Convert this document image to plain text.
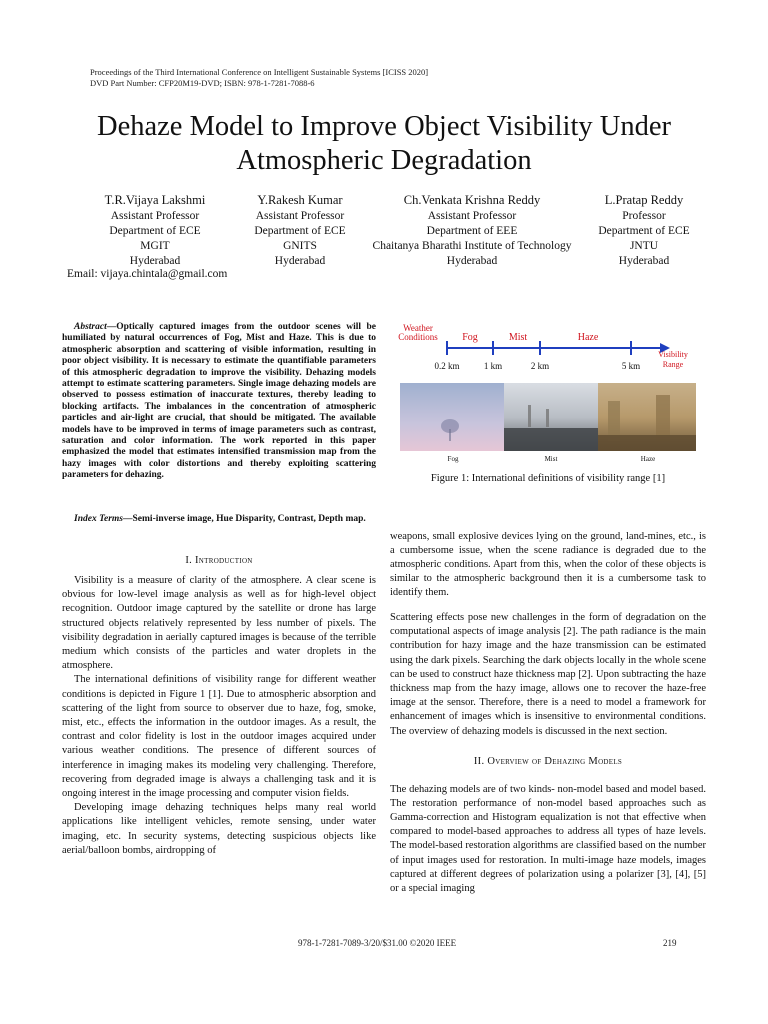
Proceedings of the Third International Conference on Intelligent Sustainable Systems [ICISS 2020]
DVD Part Number: CFP20M19-DVD; ISBN: 978-1-7281-7088-6
Dehaze Model to Improve Object Visibility Under
Atmospheric Degradation
T.R.Vijaya Lakshmi
Assistant Professor
Department of ECE
MGIT
Hyderabad
Y.Rakesh Kumar
Assistant Professor
Department of ECE
GNITS
Hyderabad
Ch.Venkata Krishna Reddy
Assistant Professor
Department of EEE
Chaitanya Bharathi Institute of Technology
Hyderabad
L.Pratap Reddy
Professor
Department of ECE
JNTU
Hyderabad
Email: vijaya.chintala@gmail.com
Abstract—Optically captured images from the outdoor scenes will be humiliated by natural occurrences of Fog, Mist and Haze. This is due to atmospheric absorption and scattering of visible information, resulting in poor object visibility. It is necessary to estimate the quantifiable parameters of this atmospheric degradation to improve the visibility. Dehazing models attempt to estimate scattering parameters. Single image dehazing models are observed to possess estimation of inaccurate textures, thereby leading to blocking artifacts. The imbalances in the concentration of atmospheric particles and air-light are crucial, that should be mitigated. The available models have to be improved in terms of image parameters such as contrast, saturation and color information. The work reported in this paper emphasized the model that estimates intensified transmission map from the hazy images with color distortions and thereby exploiting scattering parameters for dehazing.
Index Terms—Semi-inverse image, Hue Disparity, Contrast, Depth map.
I. Introduction

Visibility is a measure of clarity of the atmosphere. A clear scene is obvious for low-level image analysis as well as for high-level object recognition. Outdoor image captured by the satellite or drone has large structured objects relatively represented by less number of pixels. The visibility degradation in aerially captured images is because of the terrible medium which consists of the particles and water droplets in the atmosphere.

The international definitions of visibility range for different weather conditions is depicted in Figure 1 [1]. Due to atmospheric absorption and scattering of the light from source to observer due to haze, fog, smoke, mist, etc., effects the information in the outdoor images. As a result, the contrast and color fidelity is lost in the outdoor images acquired under various weather conditions. The presence of different sources of interference in imaging makes its modeling very challenging. Therefore, recovering from degraded image is always a challenging task and it is ongoing interest in the image processing and computer vision fields.

Developing image dehazing techniques helps many real world applications like intelligent vehicles, remote sensing, under water imaging, etc. In security systems, detecting suspicious objects like aerial/balloon bombs, airdropping of

Weather
Conditions Fog	Mist	Haze
Visibility
Range
0.2 km	1 km	2 km	5 km
Fog	Mist	Haze
Figure 1: International definitions of visibility range [1]

weapons, small explosive devices lying on the ground, land-mines, etc., is a cumbersome issue, when the scene radiance is degraded due to the atmospheric conditions. Apart from this, when the color of these objects is similar to the atmospheric background then it is a cumbersome task to identify them.

Scattering effects pose new challenges in the form of degradation on the computational aspects of image analysis [2]. The path radiance is the main contribution for hazy image and the haze transmission can be estimated using the dark pixels. Searching the dark objects locally in the whole scene can be used to construct haze thickness map [2]. Upon subtracting the haze thickness map from the hazy image, allows one to recover the haze-free image at the sensor. Therefore, there is a need to model a framework for enhancement of images which is insensitive to environmental conditions. The overview of dehazing models is discussed in the next section.

II. Overview of Dehazing Models

The dehazing models are of two kinds- non-model based and model based. The restoration performance of non-model based approaches such as Gamma-correction and Histogram equalization is not that effective when compared to model-based approaches to address all types of haze levels. The model-based restoration algorithms are classified based on the number of input images used for restoration. In multi-image haze models, images captured at different degrees of polarization using a polarizer [3], [4], [5] or a special imaging

978-1-7281-7089-3/20/$31.00 ©2020 IEEE	219
